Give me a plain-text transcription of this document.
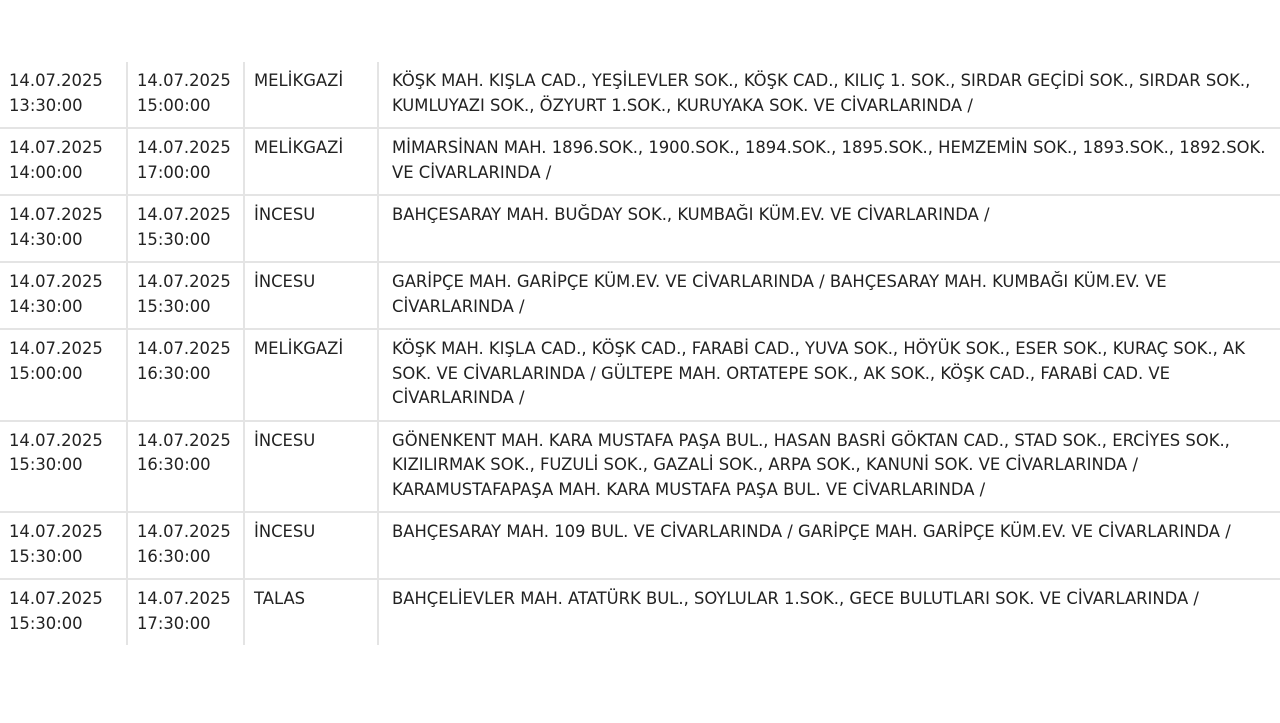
14.07.2025
13:30:00	14.07.2025
15:00:00	MELİKGAZİ	KÖŞK MAH. KIŞLA CAD., YEŞİLEVLER SOK., KÖŞK CAD., KILIÇ 1. SOK., SIRDAR GEÇİDİ SOK., SIRDAR SOK., KUMLUYAZI SOK., ÖZYURT 1.SOK., KURUYAKA SOK. VE CİVARLARINDA /

14.07.2025
14:00:00	14.07.2025
17:00:00	MELİKGAZİ	MİMARSİNAN MAH. 1896.SOK., 1900.SOK., 1894.SOK., 1895.SOK., HEMZEMİN SOK., 1893.SOK., 1892.SOK. VE CİVARLARINDA /

14.07.2025
14:30:00	14.07.2025
15:30:00	İNCESU	BAHÇESARAY MAH. BUĞDAY SOK., KUMBAĞI KÜM.EV. VE CİVARLARINDA /

14.07.2025
14:30:00	14.07.2025
15:30:00	İNCESU	GARİPÇE MAH. GARİPÇE KÜM.EV. VE CİVARLARINDA / BAHÇESARAY MAH. KUMBAĞI KÜM.EV. VE CİVARLARINDA /

14.07.2025
15:00:00	14.07.2025
16:30:00	MELİKGAZİ	KÖŞK MAH. KIŞLA CAD., KÖŞK CAD., FARABİ CAD., YUVA SOK., HÖYÜK SOK., ESER SOK., KURAÇ SOK., AK SOK. VE CİVARLARINDA / GÜLTEPE MAH. ORTATEPE SOK., AK SOK., KÖŞK CAD., FARABİ CAD. VE CİVARLARINDA /

14.07.2025
15:30:00	14.07.2025
16:30:00	İNCESU	GÖNENKENT MAH. KARA MUSTAFA PAŞA BUL., HASAN BASRİ GÖKTAN CAD., STAD SOK., ERCİYES SOK., KIZILIRMAK SOK., FUZULİ SOK., GAZALİ SOK., ARPA SOK., KANUNİ SOK. VE CİVARLARINDA / KARAMUSTAFAPAŞA MAH. KARA MUSTAFA PAŞA BUL. VE CİVARLARINDA /

14.07.2025
15:30:00	14.07.2025
16:30:00	İNCESU	BAHÇESARAY MAH. 109 BUL. VE CİVARLARINDA / GARİPÇE MAH. GARİPÇE KÜM.EV. VE CİVARLARINDA /

14.07.2025
15:30:00	14.07.2025
17:30:00	TALAS	BAHÇELİEVLER MAH. ATATÜRK BUL., SOYLULAR 1.SOK., GECE BULUTLARI SOK. VE CİVARLARINDA /
